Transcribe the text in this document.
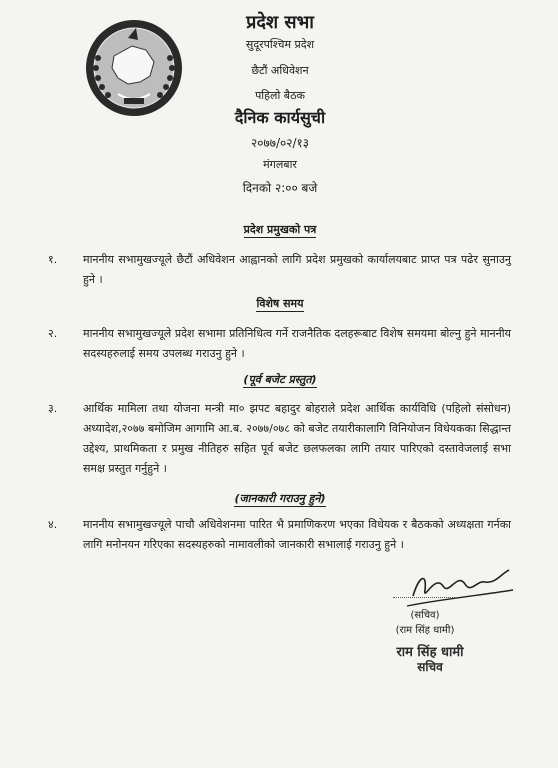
प्रदेश सभा
सुदूरपश्चिम प्रदेश
छैटौं अधिवेशन
पहिलो बैठक
दैनिक कार्यसुची
२०७७/०२/१३
मंगलबार
दिनको २:०० बजे
प्रदेश प्रमुखको पत्र
१.	माननीय सभामुखज्यूले छैटौं अधिवेशन आह्वानको लागि प्रदेश प्रमुखको कार्यालयबाट प्राप्त पत्र पढेर सुनाउनु हुने ।
विशेष समय
२.	माननीय सभामुखज्यूले प्रदेश सभामा प्रतिनिधित्व गर्ने राजनैतिक दलहरूबाट विशेष समयमा बोल्नु हुने माननीय सदस्यहरुलाई समय उपलब्ध गराउनु हुने ।
(पूर्व बजेट प्रस्तुत)
३.	आर्थिक मामिला तथा योजना मन्त्री मा० झपट बहादुर बोहराले प्रदेश आर्थिक कार्यविधि (पहिलो संसोधन) अध्यादेश,२०७७ बमोजिम आगामि आ.ब. २०७७/०७८ को बजेट तयारीकालागि विनियोजन विधेयकका सिद्धान्त उद्देश्य, प्राथमिकता र प्रमुख नीतिहरु सहित पूर्व बजेट छलफलका लागि तयार पारिएको दस्तावेजलाई सभा समक्ष प्रस्तुत गर्नुहुने ।
(जानकारी गराउनु हुने)
४.	माननीय सभामुखज्यूले पाचौ अधिवेशनमा पारित भै प्रमाणिकरण भएका विधेयक र बैठकको अध्यक्षता गर्नका लागि मनोनयन गरिएका सदस्यहरुको नामावलीको जानकारी सभालाई गराउनु हुने ।
(सचिव)
(राम सिंह धामी)
राम सिंह धामी
सचिव
